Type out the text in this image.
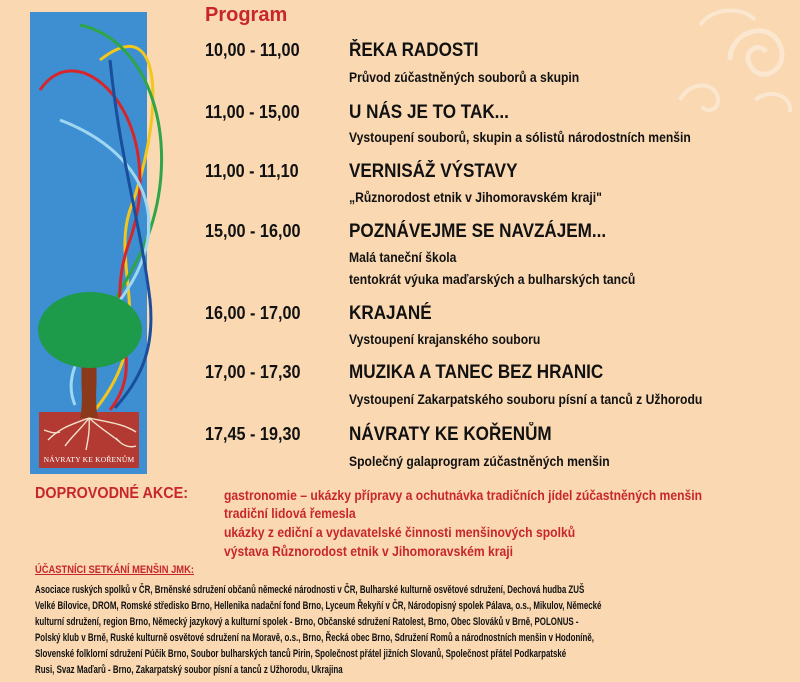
NÁVRATY KE KOŘENŮM
Program
10,00 - 11,00	ŘEKA RADOSTI
Průvod zúčastněných souborů a skupin
11,00 - 15,00	U NÁS JE TO TAK...
Vystoupení souborů, skupin a sólistů národostních menšin
11,00 - 11,10	VERNISÁŽ VÝSTAVY
„Různorodost etnik v Jihomoravském kraji"
15,00 - 16,00	POZNÁVEJME SE NAVZÁJEM...
Malá taneční škola
tentokrát výuka maďarských a bulharských tanců
16,00 - 17,00	KRAJANÉ
Vystoupení krajanského souboru
17,00 - 17,30	MUZIKA A TANEC BEZ HRANIC
Vystoupení Zakarpatského souboru písní a tanců z Užhorodu
17,45 - 19,30	NÁVRATY KE KOŘENŮM
Společný galaprogram zúčastněných menšin
DOPROVODNÉ AKCE:	gastronomie – ukázky přípravy a ochutnávka tradičních jídel zúčastněných menšin
tradiční lidová řemesla
ukázky z ediční a vydavatelské činnosti menšinových spolků
výstava Různorodost etnik v Jihomoravském kraji
ÚČASTNÍCI SETKÁNÍ MENŠIN JMK:
Asociace ruských spolků v ČR, Brněnské sdružení občanů německé národnosti v ČR, Bulharské kulturně osvětové sdružení, Dechová hudba ZUŠ
Velké Bílovice, DROM, Romské středisko Brno, Hellenika nadační fond Brno, Lyceum Řekyňí v ČR, Národopisný spolek Pálava, o.s., Mikulov, Německé
kulturní sdružení, region Brno, Německý jazykový a kulturní spolek - Brno, Občanské sdružení Ratolest, Brno, Obec Slováků v Brně, POLONUS -
Polský klub v Brně, Ruské kulturně osvětové sdružení na Moravě, o.s., Brno, Řecká obec Brno, Sdružení Romů a národnostních menšin v Hodoníně,
Slovenské folklorní sdružení Púčik Brno, Soubor bulharských tanců Pirin, Společnost přátel jižních Slovanů, Společnost přátel Podkarpatské
Rusi, Svaz Maďarů - Brno, Zakarpatský soubor písní a tanců z Užhorodu, Ukrajina
